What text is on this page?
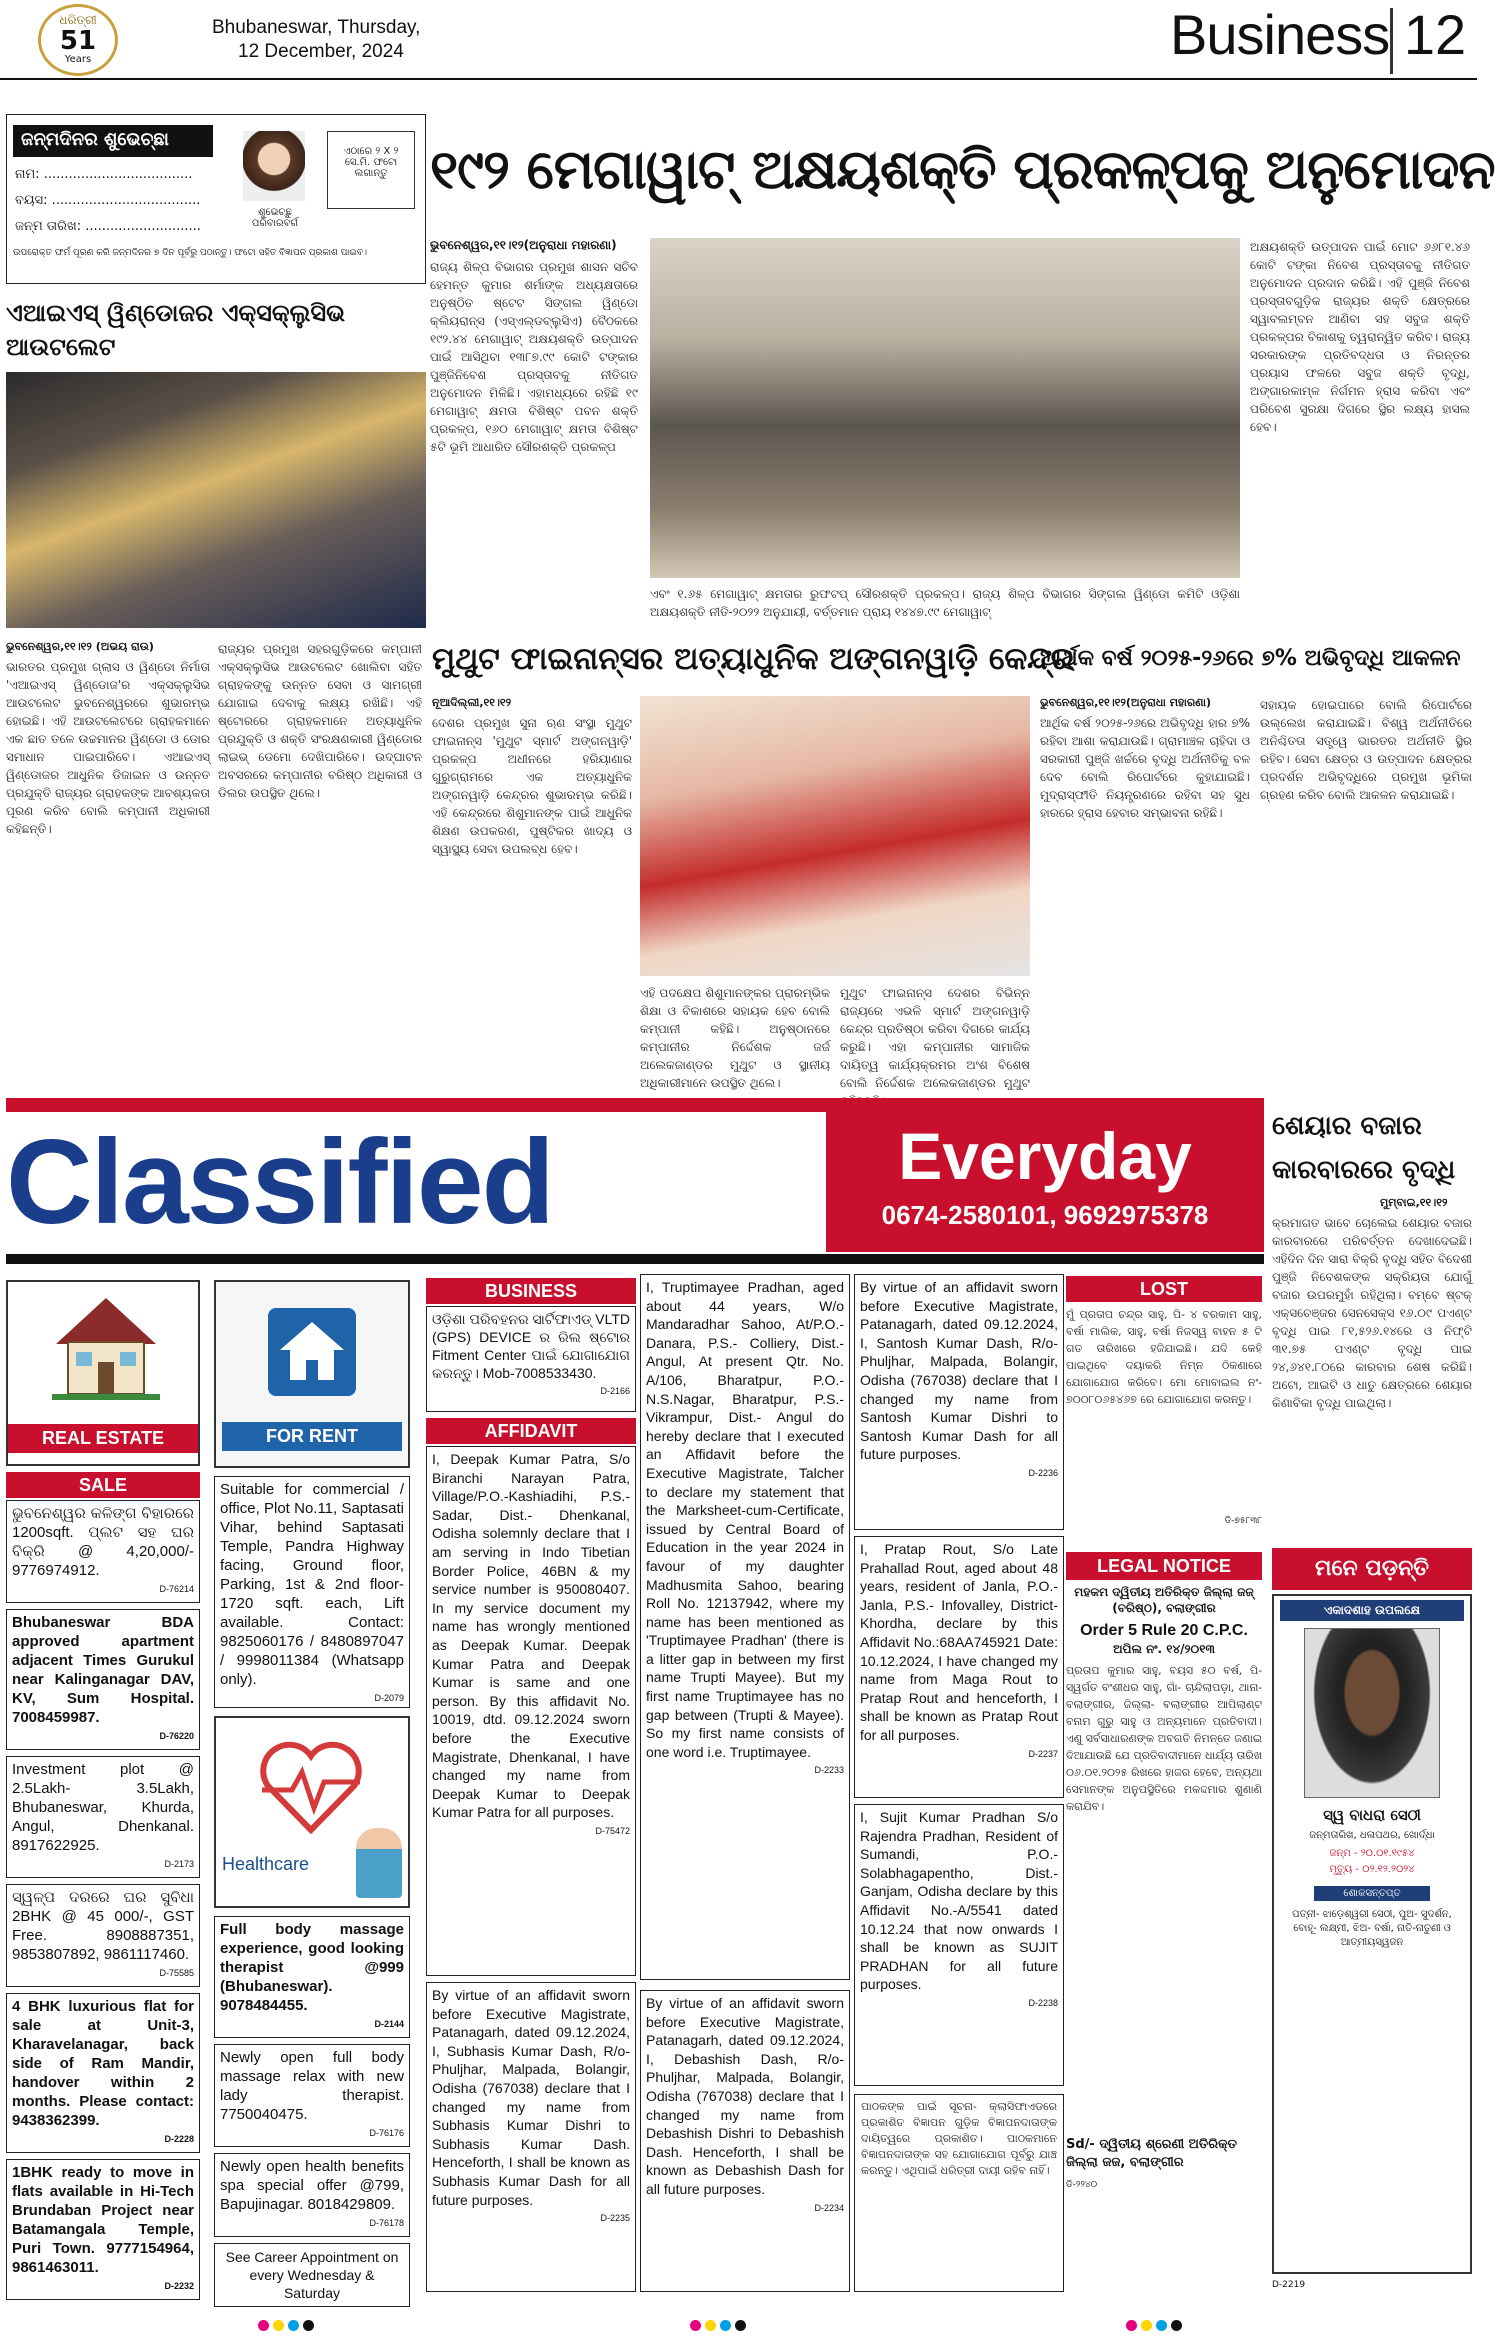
ଧରିତ୍ରୀ
51
Years
Bhubaneswar, Thursday,
12 December, 2024	Business 12
ଜନ୍ମଦିନର ଶୁଭେଚ୍ଛା
ନାମ: ....................................
ବୟସ: ....................................
ଜନ୍ମ ତାରିଖ: ............................
ଶୁଭେଚ୍ଛୁ ପରିବାରବର୍ଗ
ଏଠାରେ ୨ X ୨ ସେ.ମି. ଫଟୋ ଲଗାନ୍ତୁ
ଉପରୋକ୍ତ ଫର୍ମ ପୂରଣ କରି ଜନ୍ମଦିନର ୭ ଦିନ ପୂର୍ବରୁ ପଠାନ୍ତୁ। ଫଟୋ ସହିତ ବିଜ୍ଞାପନ ପ୍ରକାଶ ପାଇବ।
୧୯୨ ମେଗାୱାଟ୍ ଅକ୍ଷୟଶକ୍ତି ପ୍ରକଳ୍ପକୁ ଅନୁମୋଦନ
ଭୁବନେଶ୍ୱର,୧୧।୧୨(ଅନୁରାଧା ମହାରଣା)
ରାଜ୍ୟ ଶିଳ୍ପ ବିଭାଗର ପ୍ରମୁଖ ଶାସନ ସଚିବ ହେମନ୍ତ କୁମାର ଶର୍ମାଙ୍କ ଅଧ୍ୟକ୍ଷତାରେ ଅନୁଷ୍ଠିତ ଷ୍ଟେଟ ସିଙ୍ଗଲ ୱିଣ୍ଡୋ କ୍ଲିୟରାନ୍ସ (ଏସ୍‌ଏଲ୍‌ଡବ୍ଲୁସିଏ) ବୈଠକରେ ୧୯୨.୪୪ ମେଗାୱାଟ୍ ଅକ୍ଷୟଶକ୍ତି ଉତ୍ପାଦନ ପାଇଁ ଆସିଥିବା ୧୩୮୭.୯୯ କୋଟି ଟଙ୍କାର ପୁଞ୍ଜିନିବେଶ ପ୍ରସ୍ତାବକୁ ନୀତିଗତ ଅନୁମୋଦନ ମିଳିଛି। ଏହାମଧ୍ୟରେ ରହିଛି ୧୯ ମେଗାୱାଟ୍ କ୍ଷମତା ବିଶିଷ୍ଟ ପବନ ଶକ୍ତି ପ୍ରକଳ୍ପ, ୧୬୦ ମେଗାୱାଟ୍ କ୍ଷମତା ବିଶିଷ୍ଟ ୫ଟି ଭୂମି ଆଧାରିତ ସୌରଶକ୍ତି ପ୍ରକଳ୍ପ
ଏବଂ ୧.୬୫ ମେଗାୱାଟ୍ କ୍ଷମତାର ରୁଫଟପ୍ ସୌରଶକ୍ତି ପ୍ରକଳ୍ପ। ରାଜ୍ୟ ଶିଳ୍ପ ବିଭାଗର ସିଙ୍ଗଲ ୱିଣ୍ଡୋ କମିଟି ଓଡ଼ିଶା ଅକ୍ଷୟଶକ୍ତି ନୀତି-୨୦୨୨ ଅନୁଯାୟୀ, ବର୍ତ୍ତମାନ ପ୍ରାୟ ୧୪୪୭.୯୯ ମେଗାୱାଟ୍
ଅକ୍ଷୟଶକ୍ତି ଉତ୍ପାଦନ ପାଇଁ ମୋଟ ୬୬୮୧.୪୬ କୋଟି ଟଙ୍କା ନିବେଶ ପ୍ରସ୍ତାବକୁ ନୀତିଗତ ଅନୁମୋଦନ ପ୍ରଦାନ କରିଛି। ଏହି ପୁଞ୍ଜି ନିବେଶ ପ୍ରସ୍ତାବଗୁଡ଼ିକ ରାଜ୍ୟର ଶକ୍ତି କ୍ଷେତ୍ରରେ ସ୍ୱାବଲମ୍ବନ ଆଣିବା ସହ ସବୁଜ ଶକ୍ତି ପ୍ରକଳ୍ପର ବିକାଶକୁ ତ୍ୱରାନ୍ୱିତ କରିବ। ରାଜ୍ୟ ସରକାରଙ୍କ ପ୍ରତିବଦ୍ଧତା ଓ ନିରନ୍ତର ପ୍ରୟାସ ଫଳରେ ସବୁଜ ଶକ୍ତି ବୃଦ୍ଧି, ଅଙ୍ଗାରକାମ୍ଳ ନିର୍ଗମନ ହ୍ରାସ କରିବା ଏବଂ ପରିବେଶ ସୁରକ୍ଷା ଦିଗରେ ସ୍ଥିର ଲକ୍ଷ୍ୟ ହାସଲ ହେବ।
ଏଆଇଏସ୍ ୱିଣ୍ଡୋଜର ଏକ୍ସକ୍ଲୁସିଭ ଆଉଟଲେଟ
ଭୁବନେଶ୍ୱର,୧୧।୧୨ (ଅଭୟ ରାଉ)
ଭାରତର ପ୍ରମୁଖ ଗ୍ଲାସ ଓ ୱିଣ୍ଡୋ ନିର୍ମାତା 'ଏଆଇଏସ୍ ୱିଣ୍ଡୋଜ'ର ଏକ୍ସକ୍ଲୁସିଭ ଆଉଟଲେଟ ଭୁବନେଶ୍ୱରରେ ଶୁଭାରମ୍ଭ ହୋଇଛି। ଏହି ଆଉଟଲେଟରେ ଗ୍ରାହକମାନେ ଏକ ଛାତ ତଳେ ଉଚ୍ଚମାନର ୱିଣ୍ଡୋ ଓ ଡୋର ସମାଧାନ ପାଇପାରିବେ। ଏଆଇଏସ୍ ୱିଣ୍ଡୋଜର ଆଧୁନିକ ଡିଜାଇନ ଓ ଉନ୍ନତ ପ୍ରଯୁକ୍ତି ରାଜ୍ୟର ଗ୍ରାହକଙ୍କ ଆବଶ୍ୟକତା ପୂରଣ କରିବ ବୋଲି କମ୍ପାନୀ ଅଧିକାରୀ କହିଛନ୍ତି।
ରାଜ୍ୟର ପ୍ରମୁଖ ସହରଗୁଡ଼ିକରେ କମ୍ପାନୀ ଏକ୍ସକ୍ଲୁସିଭ ଆଉଟଲେଟ ଖୋଲିବା ସହିତ ଗ୍ରାହକଙ୍କୁ ଉନ୍ନତ ସେବା ଓ ସାମଗ୍ରୀ ଯୋଗାଇ ଦେବାକୁ ଲକ୍ଷ୍ୟ ରଖିଛି। ଏହି ଷ୍ଟୋରରେ ଗ୍ରାହକମାନେ ଅତ୍ୟାଧୁନିକ ପ୍ରଯୁକ୍ତି ଓ ଶକ୍ତି ସଂରକ୍ଷଣକାରୀ ୱିଣ୍ଡୋର ଲାଇଭ୍ ଡେମୋ ଦେଖିପାରିବେ। ଉଦ୍‌ଘାଟନ ଅବସରରେ କମ୍ପାନୀର ବରିଷ୍ଠ ଅଧିକାରୀ ଓ ଡିଲର ଉପସ୍ଥିତ ଥିଲେ।
ମୁଥୁଟ ଫାଇନାନ୍ସର ଅତ୍ୟାଧୁନିକ ଅଙ୍ଗନୱାଡ଼ି କେନ୍ଦ୍ର
ନୂଆଦିଲ୍ଲୀ,୧୧।୧୨
ଦେଶର ପ୍ରମୁଖ ସୁନା ଋଣ ସଂସ୍ଥା ମୁଥୁଟ ଫାଇନାନ୍ସ 'ମୁଥୁଟ ସ୍ମାର୍ଟ ଅଙ୍ଗନୱାଡ଼ି' ପ୍ରକଳ୍ପ ଅଧୀନରେ ହରିୟାଣାର ଗୁରୁଗ୍ରାମରେ ଏକ ଅତ୍ୟାଧୁନିକ ଅଙ୍ଗନୱାଡ଼ି କେନ୍ଦ୍ରର ଶୁଭାରମ୍ଭ କରିଛି। ଏହି କେନ୍ଦ୍ରରେ ଶିଶୁମାନଙ୍କ ପାଇଁ ଆଧୁନିକ ଶିକ୍ଷଣ ଉପକରଣ, ପୁଷ୍ଟିକର ଖାଦ୍ୟ ଓ ସ୍ୱାସ୍ଥ୍ୟ ସେବା ଉପଲବ୍ଧ ହେବ।
ଏହି ପଦକ୍ଷେପ ଶିଶୁମାନଙ୍କର ପ୍ରାରମ୍ଭିକ ଶିକ୍ଷା ଓ ବିକାଶରେ ସହାୟକ ହେବ ବୋଲି କମ୍ପାନୀ କହିଛି। ଅନୁଷ୍ଠାନରେ କମ୍ପାନୀର ନିର୍ଦ୍ଦେଶକ ଜର୍ଜ ଅଲେକଜାଣ୍ଡର ମୁଥୁଟ ଓ ସ୍ଥାନୀୟ ଅଧିକାରୀମାନେ ଉପସ୍ଥିତ ଥିଲେ।
ମୁଥୁଟ ଫାଇନାନ୍ସ ଦେଶର ବିଭିନ୍ନ ରାଜ୍ୟରେ ଏଭଳି ସ୍ମାର୍ଟ ଅଙ୍ଗନୱାଡ଼ି କେନ୍ଦ୍ର ପ୍ରତିଷ୍ଠା କରିବା ଦିଗରେ କାର୍ଯ୍ୟ କରୁଛି। ଏହା କମ୍ପାନୀର ସାମାଜିକ ଦାୟିତ୍ୱ କାର୍ଯ୍ୟକ୍ରମର ଅଂଶ ବିଶେଷ ବୋଲି ନିର୍ଦ୍ଦେଶକ ଅଲେକଜାଣ୍ଡର ମୁଥୁଟ
ଆର୍ଥିକ ବର୍ଷ ୨୦୨୫-୨୬ରେ ୭% ଅଭିବୃଦ୍ଧି ଆକଳନ
ଭୁବନେଶ୍ୱର,୧୧।୧୨(ଅନୁରାଧା ମହାରଣା)
ଆର୍ଥିକ ବର୍ଷ ୨୦୨୫-୨୬ରେ ଅଭିବୃଦ୍ଧି ହାର ୭% ରହିବା ଆଶା କରାଯାଉଛି। ଗ୍ରାମାଞ୍ଚଳ ଚାହିଦା ଓ ସରକାରୀ ପୁଞ୍ଜି ଖର୍ଚ୍ଚରେ ବୃଦ୍ଧି ଅର୍ଥନୀତିକୁ ବଳ ଦେବ ବୋଲି ରିପୋର୍ଟରେ କୁହାଯାଇଛି। ମୁଦ୍ରାସ୍ଫୀତି ନିୟନ୍ତ୍ରଣରେ ରହିବା ସହ ସୁଧ ହାରରେ ହ୍ରାସ ହେବାର ସମ୍ଭାବନା ରହିଛି।
ସହାୟକ ହୋଇପାରେ ବୋଲି ରିପୋର୍ଟରେ ଉଲ୍ଲେଖ କରାଯାଇଛି। ବିଶ୍ୱ ଅର୍ଥନୀତିରେ ଅନିଶ୍ଚିତତା ସତ୍ତ୍ୱେ ଭାରତର ଅର୍ଥନୀତି ସ୍ଥିର ରହିବ। ସେବା କ୍ଷେତ୍ର ଓ ଉତ୍ପାଦନ କ୍ଷେତ୍ରର ପ୍ରଦର୍ଶନ ଅଭିବୃଦ୍ଧିରେ ପ୍ରମୁଖ ଭୂମିକା ଗ୍ରହଣ କରିବ ବୋଲି ଆକଳନ କରାଯାଇଛି।
Classified	Everyday
0674-2580101, 9692975378
ଶେୟାର ବଜାର କାରବାରରେ ବୃଦ୍ଧି
ମୁମ୍ବାଇ,୧୧।୧୨
କ୍ରମାଗତ ଭାବେ ଚୋଲେଇ ଶେୟାର ବଜାର କାରବାରରେ ପରିବର୍ତ୍ତନ ଦେଖାଦେଇଛି। ଏହିଦିନ ଦିନ ସାରା ବିକ୍ରି ବୃଦ୍ଧି ସହିତ ବିଦେଶୀ ପୁଞ୍ଜି ନିବେଶକଙ୍କ ସକ୍ରିୟତା ଯୋଗୁଁ ବଜାର ଉପରମୁହାଁ ରହିଥିଲା। ବମ୍ବେ ଷ୍ଟକ୍ ଏକ୍ସଚେଞ୍ଜର ସେନସେକ୍ସ ୧୬.୦୯ ପଏଣ୍ଟ ବୃଦ୍ଧି ପାଇ ୮୧,୫୨୬.୧୪ରେ ଓ ନିଫ୍ଟି ୩୧.୭୫ ପଏଣ୍ଟ ବୃଦ୍ଧି ପାଇ ୨୪,୬୪୧.୮୦ରେ କାରବାର ଶେଷ କରିଛି। ଅଟୋ, ଆଇଟି ଓ ଧାତୁ କ୍ଷେତ୍ରରେ ଶେୟାର କିଣାବିକା ବୃଦ୍ଧି ପାଇଥିଲା।
REAL ESTATE
SALE
ଭୁବନେଶ୍ୱର କଳିଙ୍ଗ ବିହାରରେ 1200sqft. ପ୍ଲଟ ସହ ଘର ବିକ୍ରି @ 4,20,000/- 9776974912.
D-76214
Bhubaneswar BDA approved apartment adjacent Times Gurukul near Kalinganagar DAV, KV, Sum Hospital. 7008459987.
D-76220
Investment plot @ 2.5Lakh- 3.5Lakh, Bhubaneswar, Khurda, Angul, Dhenkanal. 8917622925.
D-2173
ସ୍ୱଳ୍ପ ଦରରେ ଘର ସୁବିଧା 2BHK @ 45 000/-, GST Free. 8908887351, 9853807892, 9861117460.
D-75585
4 BHK luxurious flat for sale at Unit-3, Kharavelanagar, back side of Ram Mandir, handover within 2 months. Please contact: 9438362399.
D-2228
1BHK ready to move in flats available in Hi-Tech Brundaban Project near Batamangala Temple, Puri Town. 9777154964, 9861463011.
D-2232
FOR RENT
Suitable for commercial / office, Plot No.11, Saptasati Vihar, behind Saptasati Temple, Pandra Highway facing, Ground floor, Parking, 1st & 2nd floor- 1720 sqft. each, Lift available. Contact: 9825060176 / 8480897047 / 9998011384 (Whatsapp only).
D-2079
Healthcare
Full body massage experience, good looking therapist @999 (Bhubaneswar). 9078484455.
D-2144
Newly open full body massage relax with new lady therapist. 7750040475.
D-76176
Newly open health benefits spa special offer @799, Bapujinagar. 8018429809.
D-76178
See Career Appointment on every Wednesday & Saturday
BUSINESS
ଓଡ଼ିଶା ପରିବହନର ସାର୍ଟିଫାଏଡ୍ VLTD (GPS) DEVICE ର ରିଲ ଷ୍ଟୋର Fitment Center ପାଇଁ ଯୋଗାଯୋଗ କରନ୍ତୁ। Mob-7008533430.
D-2166
AFFIDAVIT
I, Deepak Kumar Patra, S/o Biranchi Narayan Patra, Village/P.O.-Kashiadihi, P.S.- Sadar, Dist.- Dhenkanal, Odisha solemnly declare that I am serving in Indo Tibetian Border Police, 46BN & my service number is 950080407. In my service document my name has wrongly mentioned as Deepak Kumar. Deepak Kumar Patra and Deepak Kumar is same and one person. By this affidavit No. 10019, dtd. 09.12.2024 sworn before the Executive Magistrate, Dhenkanal, I have changed my name from Deepak Kumar to Deepak Kumar Patra for all purposes.
D-75472
By virtue of an affidavit sworn before Executive Magistrate, Patanagarh, dated 09.12.2024, I, Subhasis Kumar Dash, R/o- Phuljhar, Malpada, Bolangir, Odisha (767038) declare that I changed my name from Subhasis Kumar Dishri to Subhasis Kumar Dash. Henceforth, I shall be known as Subhasis Kumar Dash for all future purposes.
D-2235
I, Truptimayee Pradhan, aged about 44 years, W/o Mandaradhar Sahoo, At/P.O.- Danara, P.S.- Colliery, Dist.- Angul, At present Qtr. No. A/106, Bharatpur, P.O.- N.S.Nagar, Bharatpur, P.S.- Vikrampur, Dist.- Angul do hereby declare that I executed an Affidavit before the Executive Magistrate, Talcher to declare my statement that the Marksheet-cum-Certificate, issued by Central Board of Education in the year 2024 in favour of my daughter Madhusmita Sahoo, bearing Roll No. 12137942, where my name has been mentioned as 'Truptimayee Pradhan' (there is a litter gap in between my first name Trupti Mayee). But my first name Truptimayee has no gap between (Trupti & Mayee). So my first name consists of one word i.e. Truptimayee.
D-2233
By virtue of an affidavit sworn before Executive Magistrate, Patanagarh, dated 09.12.2024, I, Debashish Dash, R/o- Phuljhar, Malpada, Bolangir, Odisha (767038) declare that I changed my name from Debashish Dishri to Debashish Dash. Henceforth, I shall be known as Debashish Dash for all future purposes.
D-2234
By virtue of an affidavit sworn before Executive Magistrate, Patanagarh, dated 09.12.2024, I, Santosh Kumar Dash, R/o- Phuljhar, Malpada, Bolangir, Odisha (767038) declare that I changed my name from Santosh Kumar Dishri to Santosh Kumar Dash for all future purposes.
D-2236
I, Pratap Rout, S/o Late Prahallad Rout, aged about 48 years, resident of Janla, P.O.- Janla, P.S.- Infovalley, District- Khordha, declare by this Affidavit No.:68AA745921 Date: 10.12.2024, I have changed my name from Maga Rout to Pratap Rout and henceforth, I shall be known as Pratap Rout for all purposes.
D-2237
I, Sujit Kumar Pradhan S/o Rajendra Pradhan, Resident of Sumandi, P.O.- Solabhagapentho, Dist.- Ganjam, Odisha declare by this Affidavit No.-A/5541 dated 10.12.24 that now onwards I shall be known as SUJIT PRADHAN for all future purposes.
D-2238
ପାଠକଙ୍କ ପାଇଁ ସୂଚନା- କ୍ଲାସିଫାଏଡରେ ପ୍ରକାଶିତ ବିଜ୍ଞାପନ ଗୁଡ଼ିକ ବିଜ୍ଞାପନଦାତାଙ୍କ ଦାୟିତ୍ୱରେ ପ୍ରକାଶିତ। ପାଠକମାନେ ବିଜ୍ଞାପନଦାତାଙ୍କ ସହ ଯୋଗାଯୋଗ ପୂର୍ବରୁ ଯାଞ୍ଚ କରନ୍ତୁ। ଏଥିପାଇଁ ଧରିତ୍ରୀ ଦାୟୀ ରହିବ ନାହିଁ।
LOST
ମୁଁ ପ୍ରତାପ ଚନ୍ଦ୍ର ସାହୁ, ପି- ୪ ବରକାମ ସାହୁ, ବର୍ଷା ମାଲିକ, ସାହୁ, ବର୍ଷା ନିଜସ୍ୱ ବାହନ ୫ ଟି ଗତ ତାରିଖରେ ହଜିଯାଇଛି। ଯଦି କେହି ପାଇଥିବେ ଦୟାକରି ନିମ୍ନ ଠିକଣାରେ ଯୋଗାଯୋଗ କରିବେ। ମୋ ମୋବାଇଲ ନଂ- ୭୦୦୮୦୬୫୪୬୭ ରେ ଯୋଗାଯୋଗ କରନ୍ତୁ।
ଡି-୭୫୮୩୮
LEGAL NOTICE
ମହକମ ଦ୍ୱିତୀୟ ଅତିରିକ୍ତ ଜିଲ୍ଲା ଜଜ୍ (ବରିଷ୍ଠ), ବଲାଙ୍ଗୀର
Order 5 Rule 20 C.P.C.
ଅପିଲ ନଂ. ୧୪/୨୦୧୩
ପ୍ରତାପ କୁମାର ସାହୁ, ବୟସ ୫୦ ବର୍ଷ, ପି- ସ୍ୱର୍ଗତ ବଂଶୀଧର ସାହୁ, ଗାଁ- ଚାନ୍ଦିଲାପଡ଼ା, ଥାନା- ବଲାଙ୍ଗୀର, ଜିଲ୍ଲା- ବଲାଙ୍ଗୀର ଆପିଲାଣ୍ଟ ବନାମ ଗୁରୁ ସାହୁ ଓ ଅନ୍ୟମାନେ ପ୍ରତିବାଦୀ। ଏଣୁ ସର୍ବସାଧାରଣଙ୍କ ଅବଗତି ନିମନ୍ତେ ଜଣାଇ ଦିଆଯାଉଛି ଯେ ପ୍ରତିବାଦୀମାନେ ଧାର୍ଯ୍ୟ ତାରିଖ ୦୬.୦୧.୨୦୨୫ ରିଖରେ ହାଜର ହେବେ, ଅନ୍ୟଥା ସେମାନଙ୍କ ଅନୁପସ୍ଥିତିରେ ମକଦ୍ଦମାର ଶୁଣାଣି କରାଯିବ।
Sd/- ଦ୍ୱିତୀୟ ଶ୍ରେଣୀ ଅତିରିକ୍ତ ଜିଲ୍ଲା ଜଜ, ବଲାଙ୍ଗୀର
ଡି-୨୨୪୦
ମନେ ପଡ଼ନ୍ତି
ଏକାଦଶାହ ଉପଲକ୍ଷେ
ସ୍ୱ ବାଧରା ସେଠୀ
ଜନ୍ମତାରିଖ, ଧଳାପଥର, ଖୋର୍ଦ୍ଧା
ଜନ୍ମ - ୨୦.୦୧.୧୯୫୪
ମୃତ୍ୟୁ - ୦୨.୧୨.୨୦୨୪
ଶୋକସନ୍ତପ୍ତ
ପତ୍ନୀ- ଝାଡ଼େଶ୍ୱରୀ ସେଠୀ, ପୁଅ- ସୁଦର୍ଶନ, ବୋହୂ- ଲକ୍ଷ୍ମୀ, ଝିଅ- ବର୍ଷା, ନାତି-ନାତୁଣୀ ଓ ଆତ୍ମୀୟସ୍ୱଜନ
D-2219
